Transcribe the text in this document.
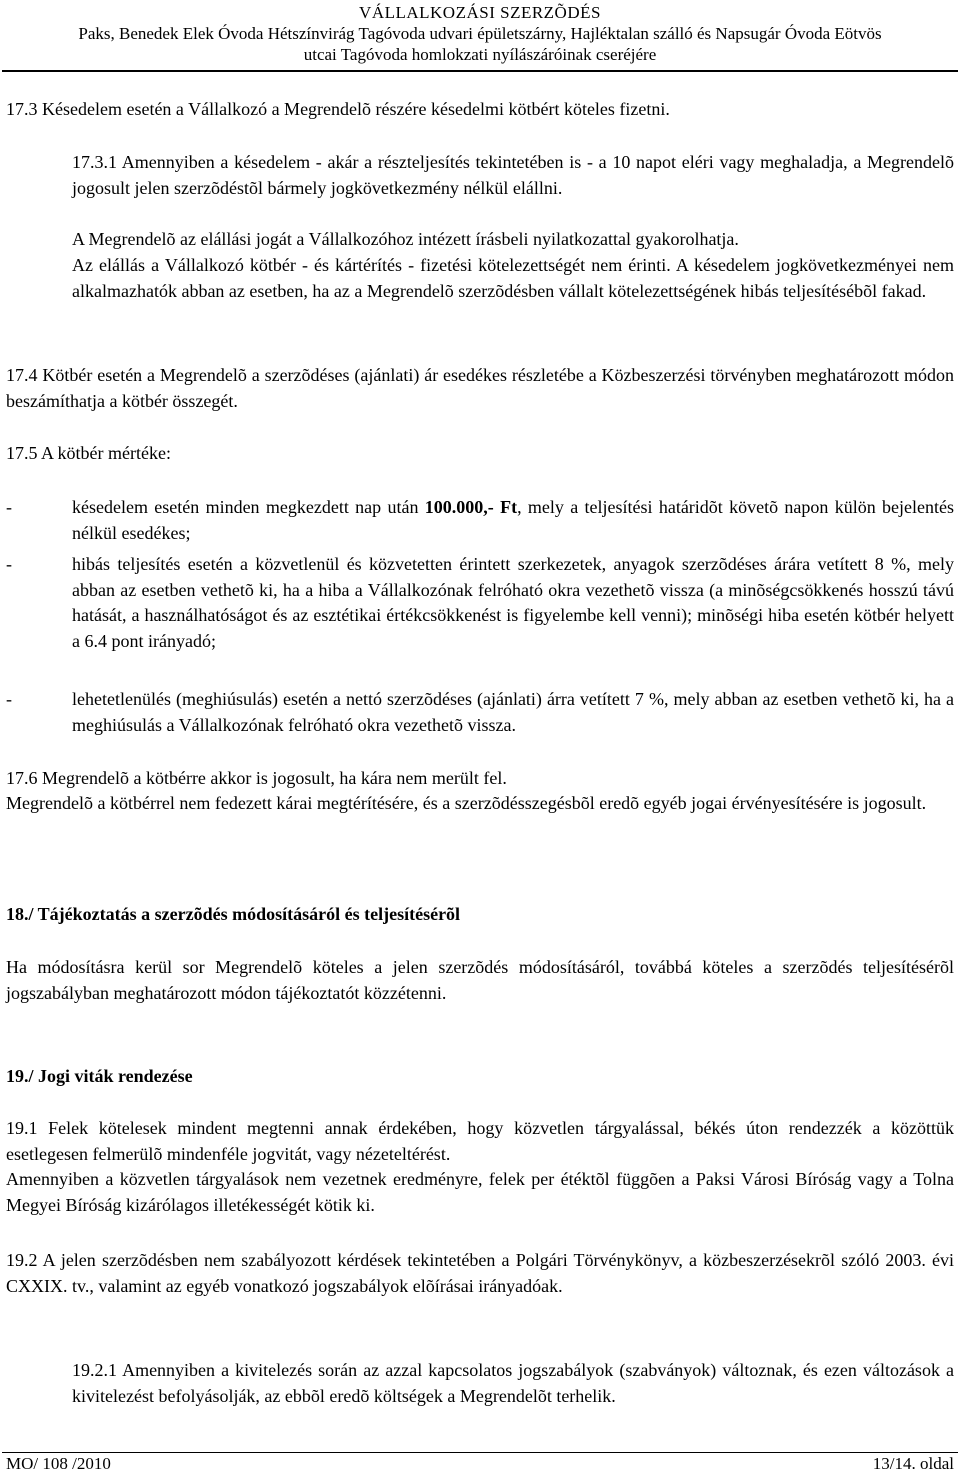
VÁLLALKOZÁSI SZERZÕDÉS
Paks, Benedek Elek Óvoda Hétszínvirág Tagóvoda udvari épületszárny, Hajléktalan szálló és Napsugár Óvoda Eötvös
utcai Tagóvoda homlokzati nyílászáróinak cseréjére

17.3 Késedelem esetén a Vállalkozó a Megrendelõ részére késedelmi kötbért köteles fizetni.

17.3.1 Amennyiben a késedelem - akár a részteljesítés tekintetében is - a 10 napot eléri vagy meghaladja, a Megrendelõ jogosult jelen szerzõdéstõl bármely jogkövetkezmény nélkül elállni.

A Megrendelõ az elállási jogát a Vállalkozóhoz intézett írásbeli nyilatkozattal gyakorolhatja.

Az elállás a Vállalkozó kötbér - és kártérítés - fizetési kötelezettségét nem érinti. A késedelem jogkövetkezményei nem alkalmazhatók abban az esetben, ha az a Megrendelõ szerzõdésben vállalt kötelezettségének hibás teljesítésébõl fakad.

17.4 Kötbér esetén a Megrendelõ a szerzõdéses (ajánlati) ár esedékes részletébe a Közbeszerzési törvényben meghatározott módon beszámíthatja a kötbér összegét.

17.5 A kötbér mértéke:

-	késedelem esetén minden megkezdett nap után 100.000,- Ft, mely a teljesítési határidõt követõ napon külön bejelentés nélkül esedékes;
-	hibás teljesítés esetén a közvetlenül és közvetetten érintett szerkezetek, anyagok szerzõdéses árára vetített 8 %, mely abban az esetben vethetõ ki, ha a hiba a Vállalkozónak felróható okra vezethetõ vissza (a minõségcsökkenés hosszú távú hatását, a használhatóságot és az esztétikai értékcsökkenést is figyelembe kell venni); minõségi hiba esetén kötbér helyett a 6.4 pont irányadó;
-	lehetetlenülés (meghiúsulás) esetén a nettó szerzõdéses (ajánlati) árra vetített 7 %, mely abban az esetben vethetõ ki, ha a meghiúsulás a Vállalkozónak felróható okra vezethetõ vissza.

17.6 Megrendelõ a kötbérre akkor is jogosult, ha kára nem merült fel.

Megrendelõ a kötbérrel nem fedezett kárai megtérítésére, és a szerzõdésszegésbõl eredõ egyéb jogai érvényesítésére is jogosult.

18./ Tájékoztatás a szerzõdés módosításáról és teljesítésérõl

Ha módosításra kerül sor Megrendelõ köteles a jelen szerzõdés módosításáról, továbbá köteles a szerzõdés teljesítésérõl jogszabályban meghatározott módon tájékoztatót közzétenni.

19./ Jogi viták rendezése

19.1 Felek kötelesek mindent megtenni annak érdekében, hogy közvetlen tárgyalással, békés úton rendezzék a közöttük esetlegesen felmerülõ mindenféle jogvitát, vagy nézeteltérést.

Amennyiben a közvetlen tárgyalások nem vezetnek eredményre, felek per étéktõl függõen a Paksi Városi Bíróság vagy a Tolna Megyei Bíróság kizárólagos illetékességét kötik ki.

19.2 A jelen szerzõdésben nem szabályozott kérdések tekintetében a Polgári Törvénykönyv, a közbeszerzésekrõl szóló 2003. évi CXXIX. tv., valamint az egyéb vonatkozó jogszabályok elõírásai irányadóak.

19.2.1 Amennyiben a kivitelezés során az azzal kapcsolatos jogszabályok (szabványok) változnak, és ezen változások a kivitelezést befolyásolják, az ebbõl eredõ költségek a Megrendelõt terhelik.

MO/ 108 /2010	13/14. oldal
